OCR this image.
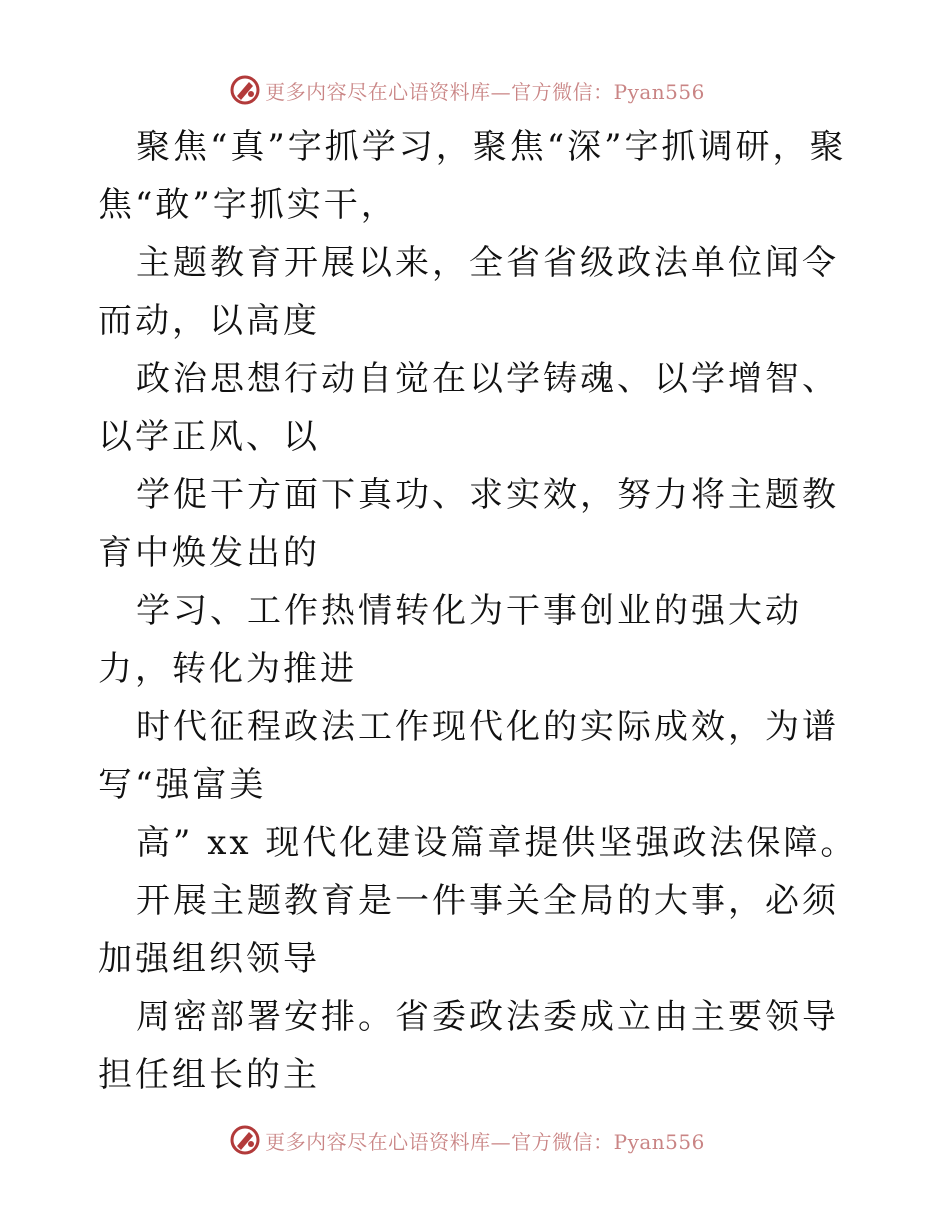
更多内容尽在心语资料库—官方微信：Pyan556

聚焦“真”字抓学习，聚焦“深”字抓调研，聚焦“敢”字抓实干，

主题教育开展以来，全省省级政法单位闻令而动，以高度

政治思想行动自觉在以学铸魂、以学增智、以学正风、以

学促干方面下真功、求实效，努力将主题教育中焕发出的

学习、工作热情转化为干事创业的强大动力，转化为推进

时代征程政法工作现代化的实际成效，为谱写“强富美

高” xx 现代化建设篇章提供坚强政法保障。

开展主题教育是一件事关全局的大事，必须加强组织领导

周密部署安排。省委政法委成立由主要领导担任组长的主

更多内容尽在心语资料库—官方微信：Pyan556
